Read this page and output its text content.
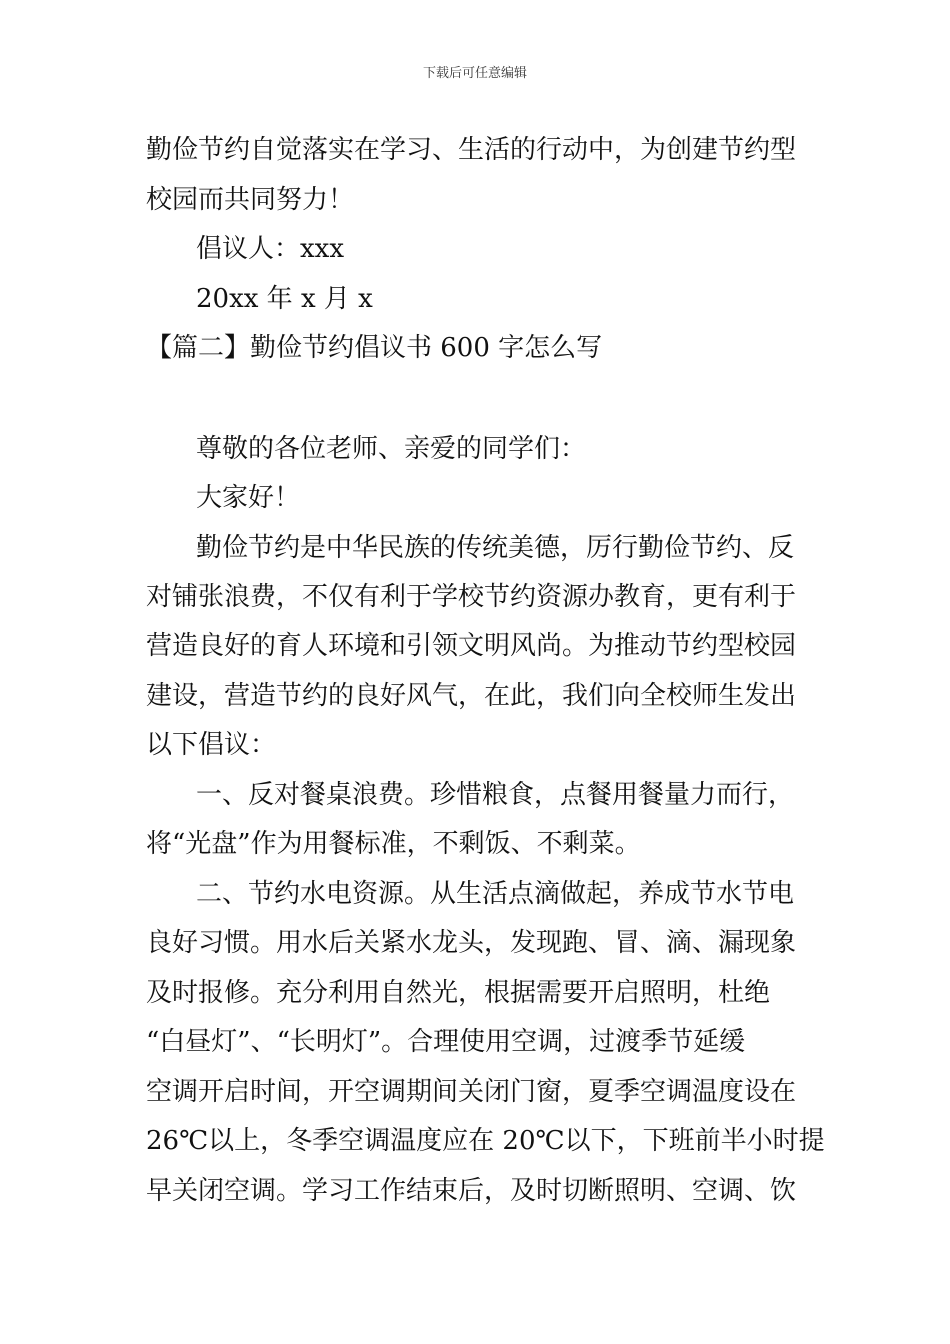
下载后可任意编辑
勤俭节约自觉落实在学习、生活的行动中，为创建节约型
校园而共同努力！
倡议人：xxx
20xx 年 x 月 x
【篇二】勤俭节约倡议书 600 字怎么写
尊敬的各位老师、亲爱的同学们：
大家好！
勤俭节约是中华民族的传统美德，厉行勤俭节约、反
对铺张浪费，不仅有利于学校节约资源办教育，更有利于
营造良好的育人环境和引领文明风尚。为推动节约型校园
建设，营造节约的良好风气，在此，我们向全校师生发出
以下倡议：
一、反对餐桌浪费。珍惜粮食，点餐用餐量力而行，
将“光盘”作为用餐标准，不剩饭、不剩菜。
二、节约水电资源。从生活点滴做起，养成节水节电
良好习惯。用水后关紧水龙头，发现跑、冒、滴、漏现象
及时报修。充分利用自然光，根据需要开启照明，杜绝
“白昼灯”、“长明灯”。合理使用空调，过渡季节延缓
空调开启时间，开空调期间关闭门窗，夏季空调温度设在
26℃以上，冬季空调温度应在 20℃以下，下班前半小时提
早关闭空调。学习工作结束后，及时切断照明、空调、饮
